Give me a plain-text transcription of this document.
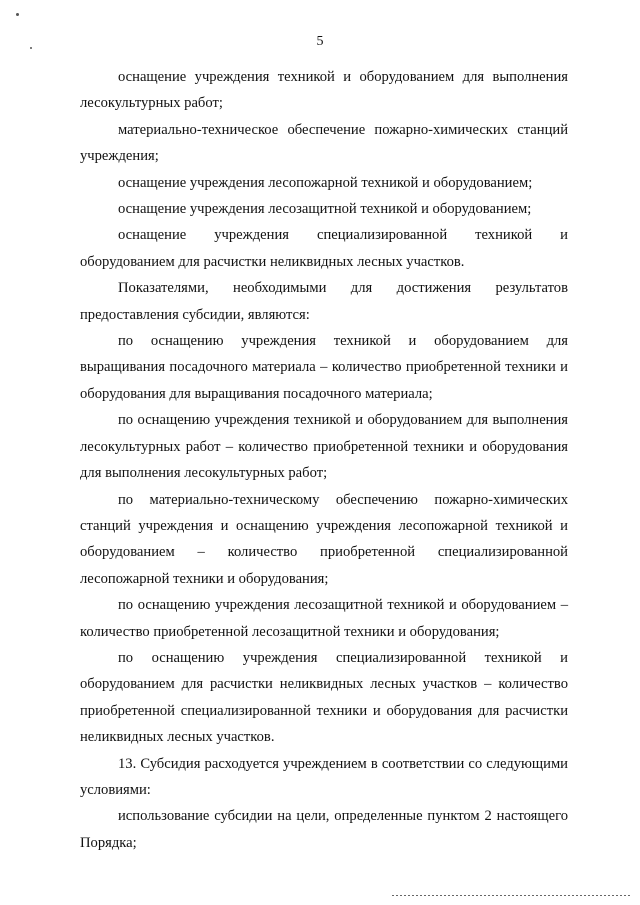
5

оснащение учреждения техникой и оборудованием для выполнения лесокультурных работ;

материально-техническое обеспечение пожарно-химических станций учреждения;

оснащение учреждения лесопожарной техникой и оборудованием;

оснащение учреждения лесозащитной техникой и оборудованием;

оснащение учреждения специализированной техникой и оборудованием для расчистки неликвидных лесных участков.

Показателями, необходимыми для достижения результатов предоставления субсидии, являются:

по оснащению учреждения техникой и оборудованием для выращивания посадочного материала – количество приобретенной техники и оборудования для выращивания посадочного материала;

по оснащению учреждения техникой и оборудованием для выполнения лесокультурных работ – количество приобретенной техники и оборудования для выполнения лесокультурных работ;

по материально-техническому обеспечению пожарно-химических станций учреждения и оснащению учреждения лесопожарной техникой и оборудованием – количество приобретенной специализированной лесопожарной техники и оборудования;

по оснащению учреждения лесозащитной техникой и оборудованием – количество приобретенной лесозащитной техники и оборудования;

по оснащению учреждения специализированной техникой и оборудованием для расчистки неликвидных лесных участков – количество приобретенной специализированной техники и оборудования для расчистки неликвидных лесных участков.

13. Субсидия расходуется учреждением в соответствии со следующими условиями:

использование субсидии на цели, определенные пунктом 2 настоящего Порядка;
